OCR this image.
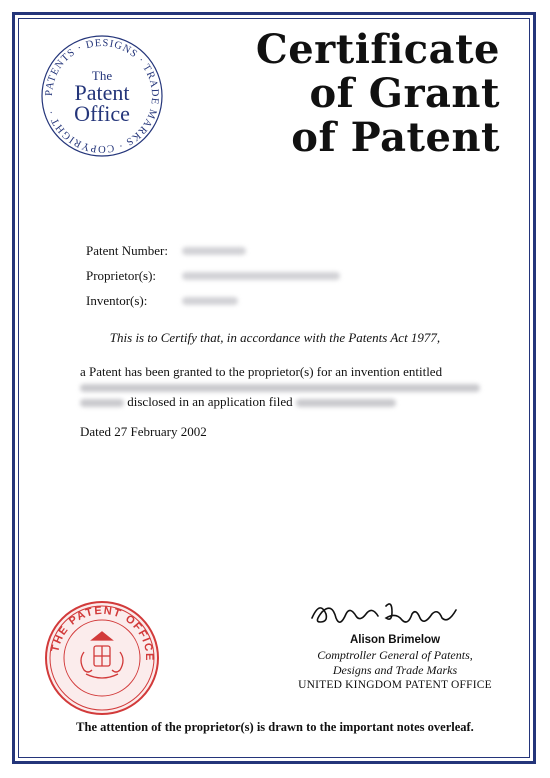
PATENTS · DESIGNS · TRADE MARKS · COPYRIGHT ·
The
Patent
Office
Certificate
of Grant
of Patent
Patent Number:
Proprietor(s):
Inventor(s):
This is to Certify that, in accordance with the Patents Act 1977,
a Patent has been granted to the proprietor(s) for an invention entitled

disclosed in an application filed
Dated 27 February 2002
THE PATENT OFFICE
Alison Brimelow
Alison Brimelow
Comptroller General of Patents,
Designs and Trade Marks
UNITED KINGDOM PATENT OFFICE
The attention of the proprietor(s) is drawn to the important notes overleaf.
